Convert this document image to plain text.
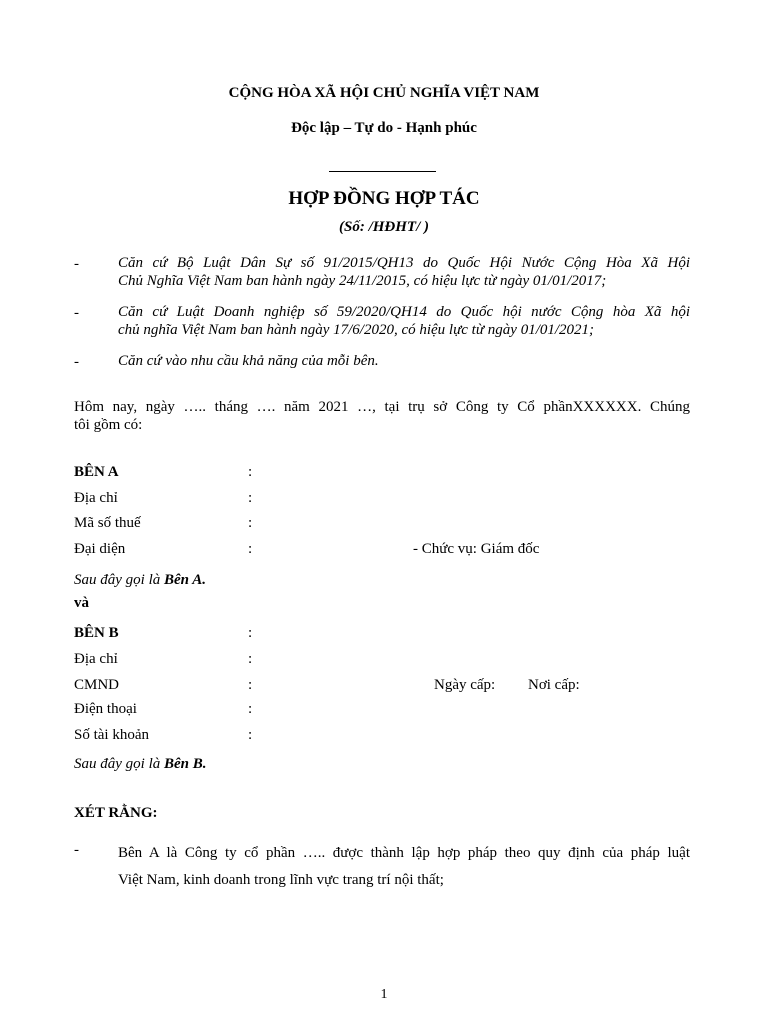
CỘNG HÒA XÃ HỘI CHỦ NGHĨA VIỆT NAM
Độc lập – Tự do - Hạnh phúc
HỢP ĐỒNG HỢP TÁC
(Số: /HĐHT/ )
-	Căn cứ Bộ Luật Dân Sự số 91/2015/QH13 do Quốc Hội Nước Cộng Hòa Xã Hội
Chủ Nghĩa Việt Nam ban hành ngày 24/11/2015, có hiệu lực từ ngày 01/01/2017;
-	Căn cứ Luật Doanh nghiệp số 59/2020/QH14 do Quốc hội nước Cộng hòa Xã hội
chủ nghĩa Việt Nam ban hành ngày 17/6/2020, có hiệu lực từ ngày 01/01/2021;
-	Căn cứ vào nhu cầu khả năng của mỗi bên.
Hôm nay, ngày ….. tháng …. năm 2021 …, tại trụ sở Công ty Cổ phầnXXXXXX. Chúng
tôi gồm có:
BÊN A	:
Địa chỉ	:
Mã số thuế	:
Đại diện	:	- Chức vụ: Giám đốc
Sau đây gọi là Bên A.
và
BÊN B	:
Địa chỉ	:
CMND	:	Ngày cấp: Nơi cấp:
Điện thoại	:
Số tài khoản	:
Sau đây gọi là Bên B.
XÉT RẰNG:
-	Bên A là Công ty cổ phần ….. được thành lập hợp pháp theo quy định của pháp luật
Việt Nam, kinh doanh trong lĩnh vực trang trí nội thất;
1
